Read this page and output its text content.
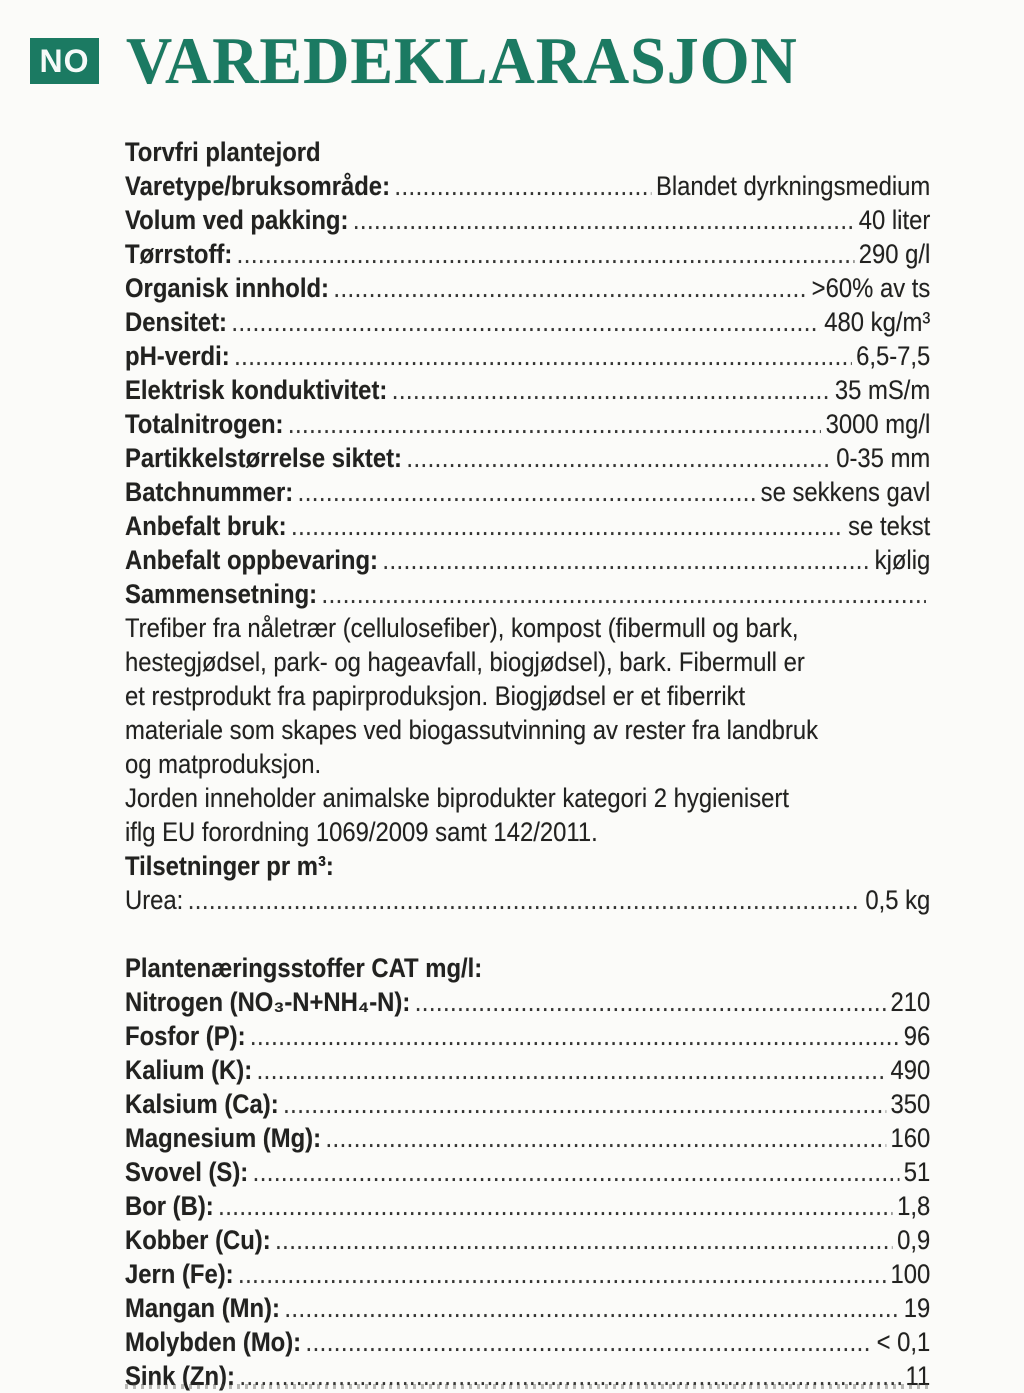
NO VAREDEKLARASJON
Torvfri plantejord
Varetype/bruksområde: .....	Blandet dyrkningsmedium
Volum ved pakking: .....	40 liter
Tørrstoff: .....	290 g/l
Organisk innhold: .....	>60% av ts
Densitet: .....	480 kg/m³
pH-verdi: .....	6,5-7,5
Elektrisk konduktivitet: .....	35 mS/m
Totalnitrogen: .....	3000 mg/l
Partikkelstørrelse siktet: .....	0-35 mm
Batchnummer: .....	se sekkens gavl
Anbefalt bruk: .....	se tekst
Anbefalt oppbevaring: .....	kjølig
Sammensetning:
.....
Trefiber fra nåletrær (cellulosefiber), kompost (fibermull og bark,
hestegjødsel, park- og hageavfall, biogjødsel), bark. Fibermull er
et restprodukt fra papirproduksjon. Biogjødsel er et fiberrikt
materiale som skapes ved biogassutvinning av rester fra landbruk
og matproduksjon.
Jorden inneholder animalske biprodukter kategori 2 hygienisert
iflg EU forordning 1069/2009 samt 142/2011.
Tilsetninger pr m³:
Urea: .....	0,5 kg
Plantenæringsstoffer CAT mg/l:
Nitrogen (NO₃-N+NH₄-N): .....	210
Fosfor (P): .....	96
Kalium (K): .....	490
Kalsium (Ca): .....	350
Magnesium (Mg): .....	160
Svovel (S): .....	51
Bor (B): .....	1,8
Kobber (Cu): .....	0,9
Jern (Fe): .....	100
Mangan (Mn): .....	19
Molybden (Mo): .....	< 0,1
Sink (Zn): .....	11
